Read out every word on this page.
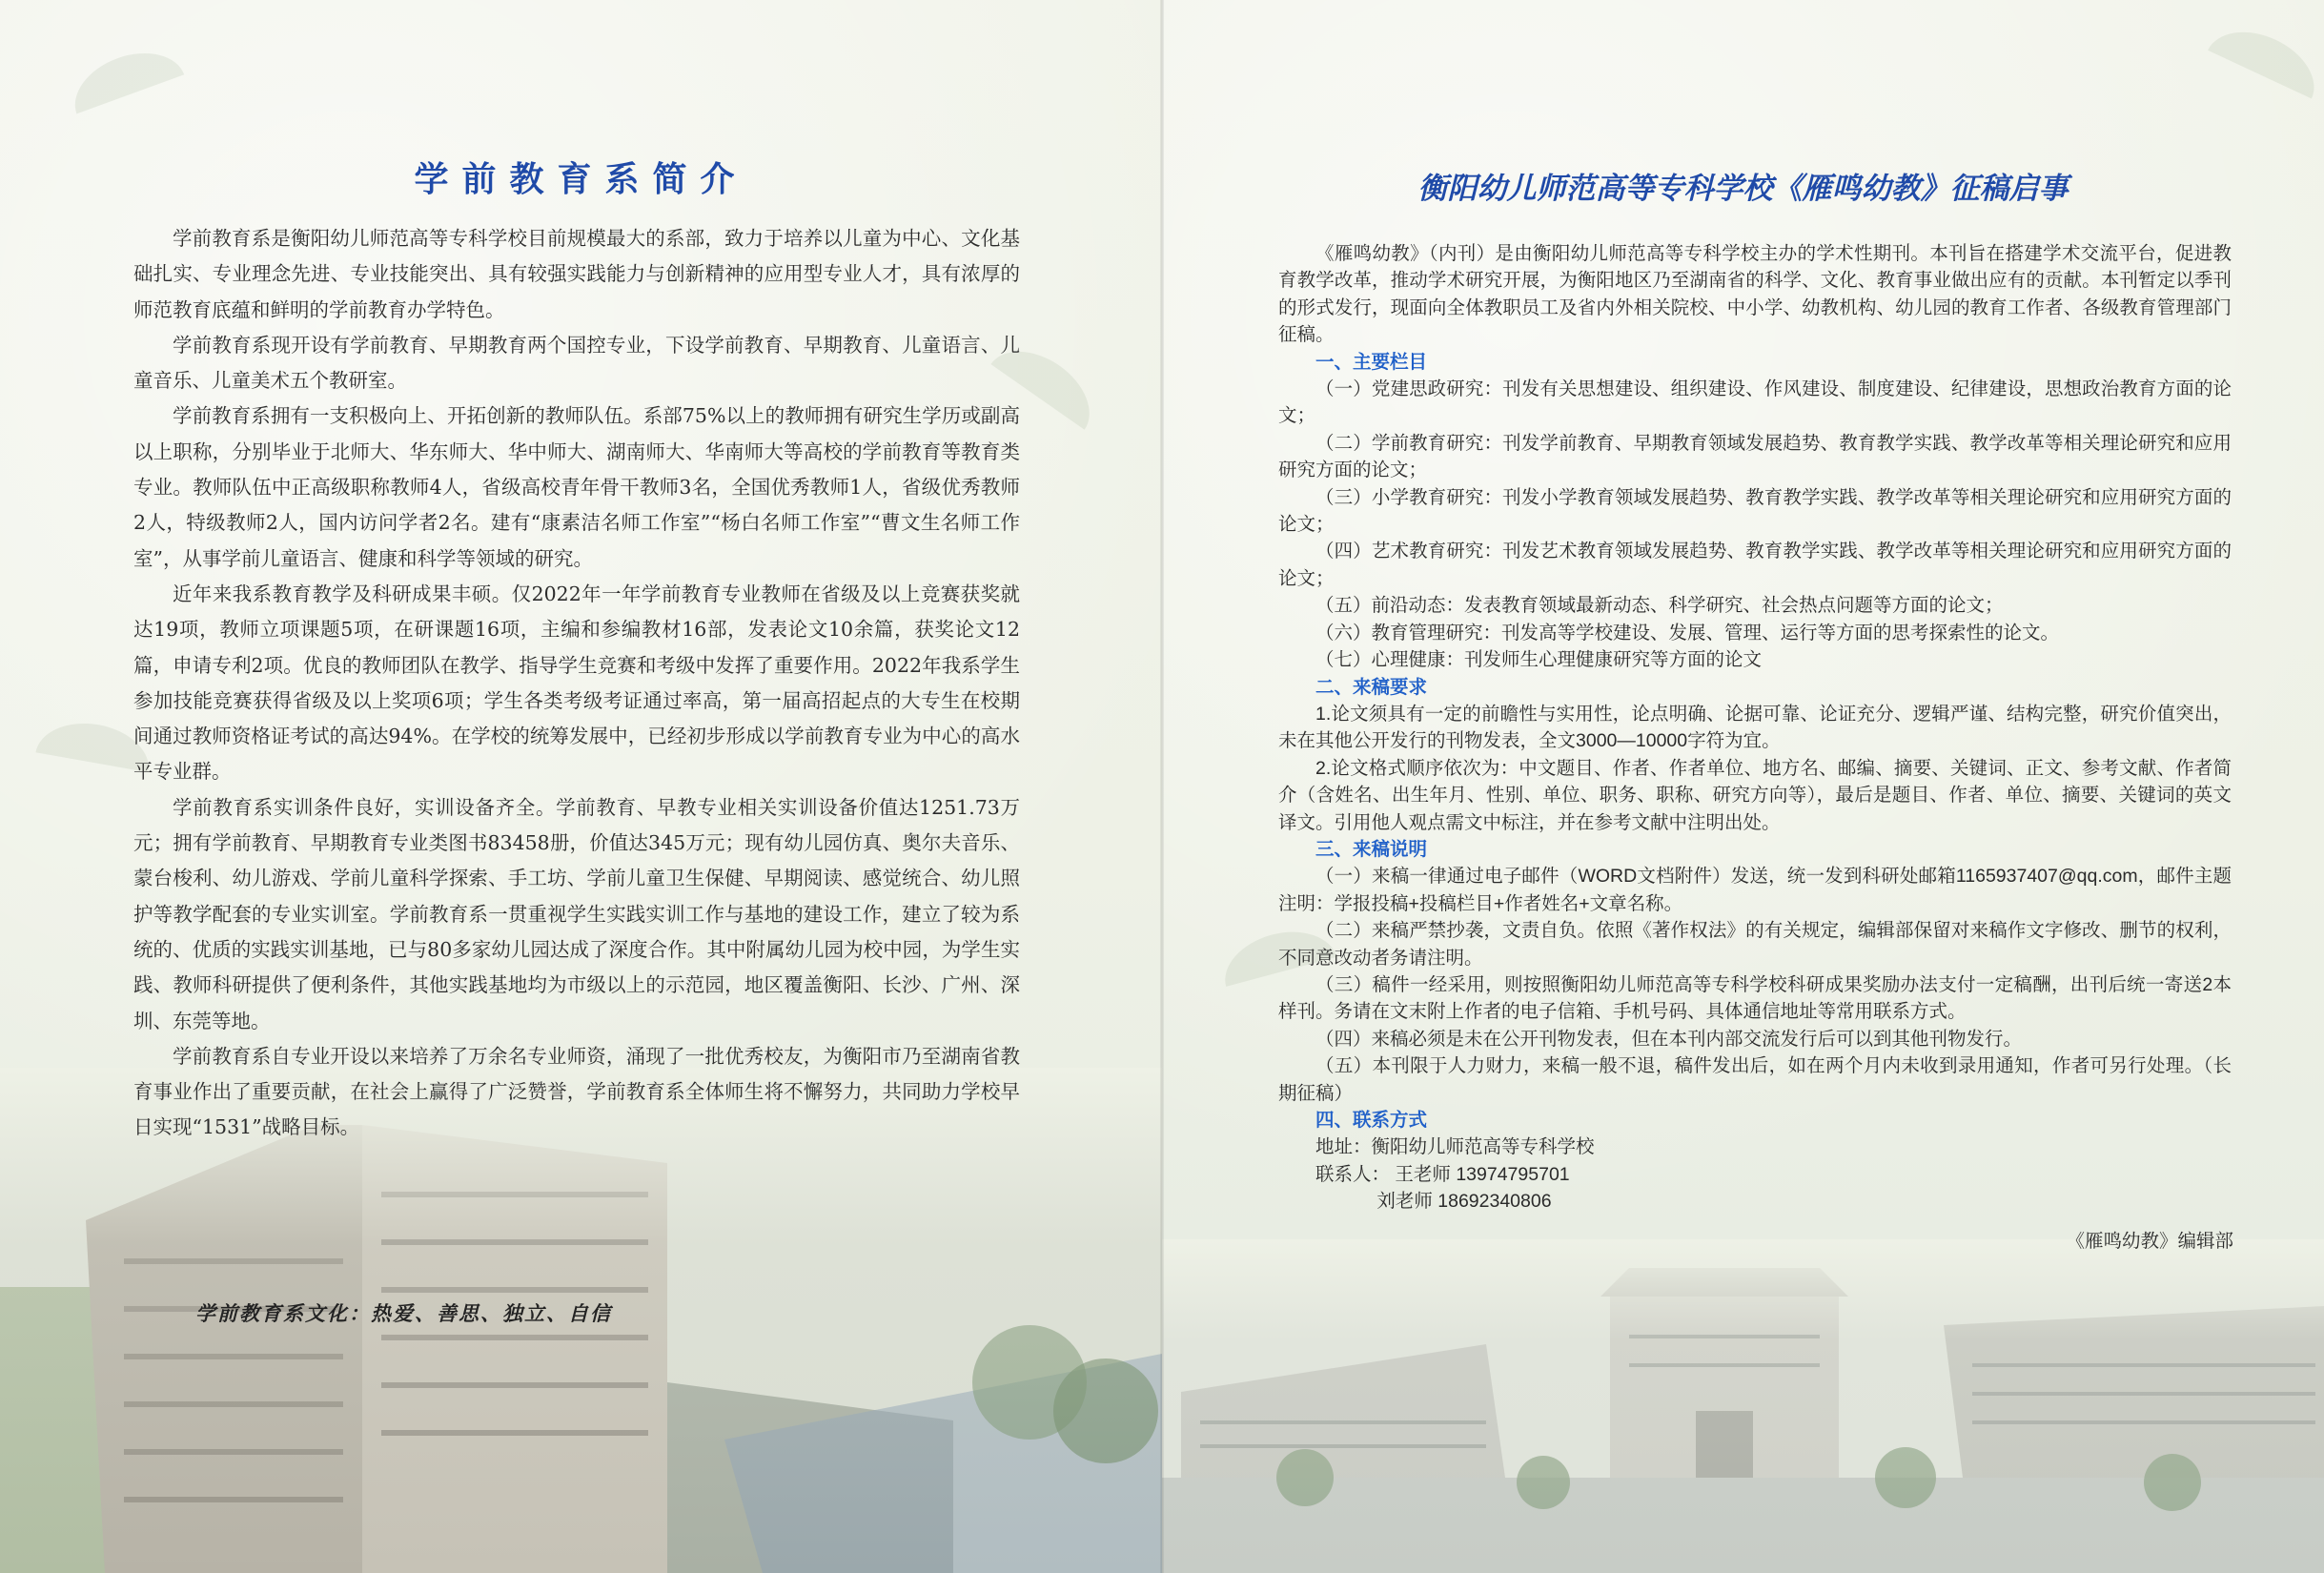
学前教育系简介

学前教育系是衡阳幼儿师范高等专科学校目前规模最大的系部，致力于培养以儿童为中心、文化基础扎实、专业理念先进、专业技能突出、具有较强实践能力与创新精神的应用型专业人才，具有浓厚的师范教育底蕴和鲜明的学前教育办学特色。

学前教育系现开设有学前教育、早期教育两个国控专业，下设学前教育、早期教育、儿童语言、儿童音乐、儿童美术五个教研室。

学前教育系拥有一支积极向上、开拓创新的教师队伍。系部75%以上的教师拥有研究生学历或副高以上职称，分别毕业于北师大、华东师大、华中师大、湖南师大、华南师大等高校的学前教育等教育类专业。教师队伍中正高级职称教师4人，省级高校青年骨干教师3名，全国优秀教师1人，省级优秀教师2人，特级教师2人，国内访问学者2名。建有“康素洁名师工作室”“杨白名师工作室”“曹文生名师工作室”，从事学前儿童语言、健康和科学等领域的研究。

近年来我系教育教学及科研成果丰硕。仅2022年一年学前教育专业教师在省级及以上竞赛获奖就达19项，教师立项课题5项，在研课题16项，主编和参编教材16部，发表论文10余篇，获奖论文12篇，申请专利2项。优良的教师团队在教学、指导学生竞赛和考级中发挥了重要作用。2022年我系学生参加技能竞赛获得省级及以上奖项6项；学生各类考级考证通过率高，第一届高招起点的大专生在校期间通过教师资格证考试的高达94%。在学校的统筹发展中，已经初步形成以学前教育专业为中心的高水平专业群。

学前教育系实训条件良好，实训设备齐全。学前教育、早教专业相关实训设备价值达1251.73万元；拥有学前教育、早期教育专业类图书83458册，价值达345万元；现有幼儿园仿真、奥尔夫音乐、蒙台梭利、幼儿游戏、学前儿童科学探索、手工坊、学前儿童卫生保健、早期阅读、感觉统合、幼儿照护等教学配套的专业实训室。学前教育系一贯重视学生实践实训工作与基地的建设工作，建立了较为系统的、优质的实践实训基地，已与80多家幼儿园达成了深度合作。其中附属幼儿园为校中园，为学生实践、教师科研提供了便利条件，其他实践基地均为市级以上的示范园，地区覆盖衡阳、长沙、广州、深圳、东莞等地。

学前教育系自专业开设以来培养了万余名专业师资，涌现了一批优秀校友，为衡阳市乃至湖南省教育事业作出了重要贡献，在社会上赢得了广泛赞誉，学前教育系全体师生将不懈努力，共同助力学校早日实现“1531”战略目标。

学前教育系文化：热爱、善思、独立、自信
衡阳幼儿师范高等专科学校《雁鸣幼教》征稿启事

《雁鸣幼教》（内刊）是由衡阳幼儿师范高等专科学校主办的学术性期刊。本刊旨在搭建学术交流平台，促进教育教学改革，推动学术研究开展，为衡阳地区乃至湖南省的科学、文化、教育事业做出应有的贡献。本刊暂定以季刊的形式发行，现面向全体教职员工及省内外相关院校、中小学、幼教机构、幼儿园的教育工作者、各级教育管理部门征稿。

一、主要栏目

（一）党建思政研究：刊发有关思想建设、组织建设、作风建设、制度建设、纪律建设，思想政治教育方面的论文；

（二）学前教育研究：刊发学前教育、早期教育领域发展趋势、教育教学实践、教学改革等相关理论研究和应用研究方面的论文；

（三）小学教育研究：刊发小学教育领域发展趋势、教育教学实践、教学改革等相关理论研究和应用研究方面的论文；

（四）艺术教育研究：刊发艺术教育领域发展趋势、教育教学实践、教学改革等相关理论研究和应用研究方面的论文；

（五）前沿动态：发表教育领域最新动态、科学研究、社会热点问题等方面的论文；

（六）教育管理研究：刊发高等学校建设、发展、管理、运行等方面的思考探索性的论文。

（七）心理健康：刊发师生心理健康研究等方面的论文

二、来稿要求

1.论文须具有一定的前瞻性与实用性，论点明确、论据可靠、论证充分、逻辑严谨、结构完整，研究价值突出，未在其他公开发行的刊物发表，全文3000—10000字符为宜。

2.论文格式顺序依次为：中文题目、作者、作者单位、地方名、邮编、摘要、关键词、正文、参考文献、作者简介（含姓名、出生年月、性别、单位、职务、职称、研究方向等），最后是题目、作者、单位、摘要、关键词的英文译文。引用他人观点需文中标注，并在参考文献中注明出处。

三、来稿说明

（一）来稿一律通过电子邮件（WORD文档附件）发送，统一发到科研处邮箱1165937407@qq.com，邮件主题注明：学报投稿+投稿栏目+作者姓名+文章名称。

（二）来稿严禁抄袭，文责自负。依照《著作权法》的有关规定，编辑部保留对来稿作文字修改、删节的权利，不同意改动者务请注明。

（三）稿件一经采用，则按照衡阳幼儿师范高等专科学校科研成果奖励办法支付一定稿酬，出刊后统一寄送2本样刊。务请在文末附上作者的电子信箱、手机号码、具体通信地址等常用联系方式。

（四）来稿必须是未在公开刊物发表，但在本刊内部交流发行后可以到其他刊物发行。

（五）本刊限于人力财力，来稿一般不退，稿件发出后，如在两个月内未收到录用通知，作者可另行处理。（长期征稿）

四、联系方式

地址：衡阳幼儿师范高等专科学校

联系人： 王老师 13974795701

刘老师 18692340806

《雁鸣幼教》编辑部
